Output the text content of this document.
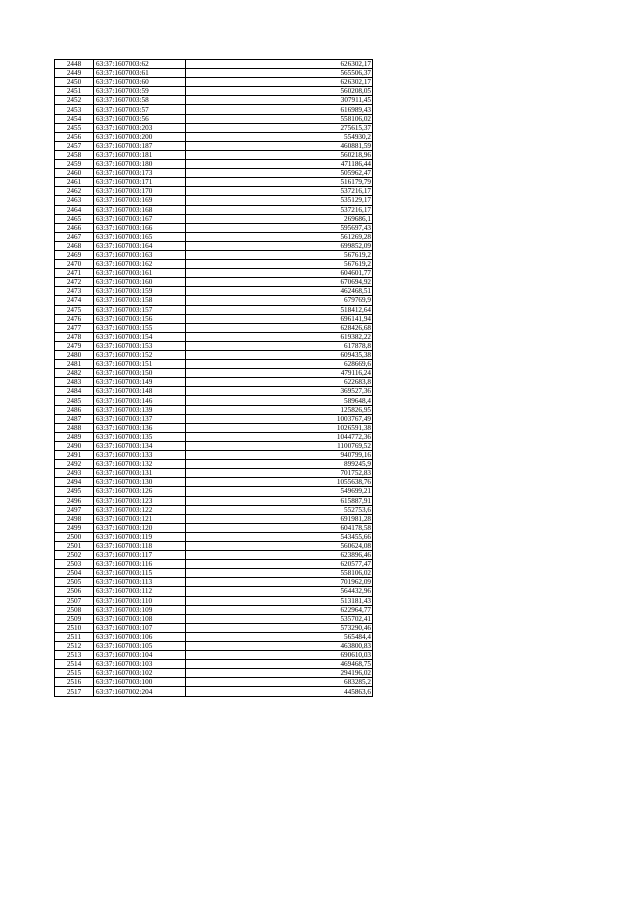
2448	63:37:1607003:62	626302,17
2449	63:37:1607003:61	565506,37
2450	63:37:1607003:60	626302,17
2451	63:37:1607003:59	560208,05
2452	63:37:1607003:58	307911,45
2453	63:37:1607003:57	616989,43
2454	63:37:1607003:56	558106,02
2455	63:37:1607003:203	275615,37
2456	63:37:1607003:200	554930,2
2457	63:37:1607003:187	460881,59
2458	63:37:1607003:181	560218,96
2459	63:37:1607003:180	471186,44
2460	63:37:1607003:173	505962,47
2461	63:37:1607003:171	516179,79
2462	63:37:1607003:170	537216,17
2463	63:37:1607003:169	535129,17
2464	63:37:1607003:168	537216,17
2465	63:37:1607003:167	269686,1
2466	63:37:1607003:166	595697,43
2467	63:37:1607003:165	561269,28
2468	63:37:1607003:164	699852,09
2469	63:37:1607003:163	567619,2
2470	63:37:1607003:162	567619,2
2471	63:37:1607003:161	604601,77
2472	63:37:1607003:160	670694,92
2473	63:37:1607003:159	462468,51
2474	63:37:1607003:158	679769,9
2475	63:37:1607003:157	518412,64
2476	63:37:1607003:156	696141,94
2477	63:37:1607003:155	628426,68
2478	63:37:1607003:154	619382,22
2479	63:37:1607003:153	617878,8
2480	63:37:1607003:152	609435,38
2481	63:37:1607003:151	628669,6
2482	63:37:1607003:150	479116,24
2483	63:37:1607003:149	622683,8
2484	63:37:1607003:148	369527,36
2485	63:37:1607003:146	589648,4
2486	63:37:1607003:139	125826,95
2487	63:37:1607003:137	1003767,49
2488	63:37:1607003:136	1026591,38
2489	63:37:1607003:135	1044772,36
2490	63:37:1607003:134	1100769,52
2491	63:37:1607003:133	940799,16
2492	63:37:1607003:132	899245,9
2493	63:37:1607003:131	701752,83
2494	63:37:1607003:130	1055638,76
2495	63:37:1607003:126	549699,21
2496	63:37:1607003:123	615887,91
2497	63:37:1607003:122	552753,6
2498	63:37:1607003:121	691981,28
2499	63:37:1607003:120	604178,58
2500	63:37:1607003:119	543455,66
2501	63:37:1607003:118	560624,08
2502	63:37:1607003:117	623896,46
2503	63:37:1607003:116	620577,47
2504	63:37:1607003:115	558106,02
2505	63:37:1607003:113	701962,09
2506	63:37:1607003:112	564432,96
2507	63:37:1607003:110	513181,43
2508	63:37:1607003:109	622964,77
2509	63:37:1607003:108	535702,41
2510	63:37:1607003:107	573290,46
2511	63:37:1607003:106	565484,4
2512	63:37:1607003:105	463800,83
2513	63:37:1607003:104	690610,03
2514	63:37:1607003:103	469468,75
2515	63:37:1607003:102	294196,02
2516	63:37:1607003:100	683285,2
2517	63:37:1607002:204	445863,6
